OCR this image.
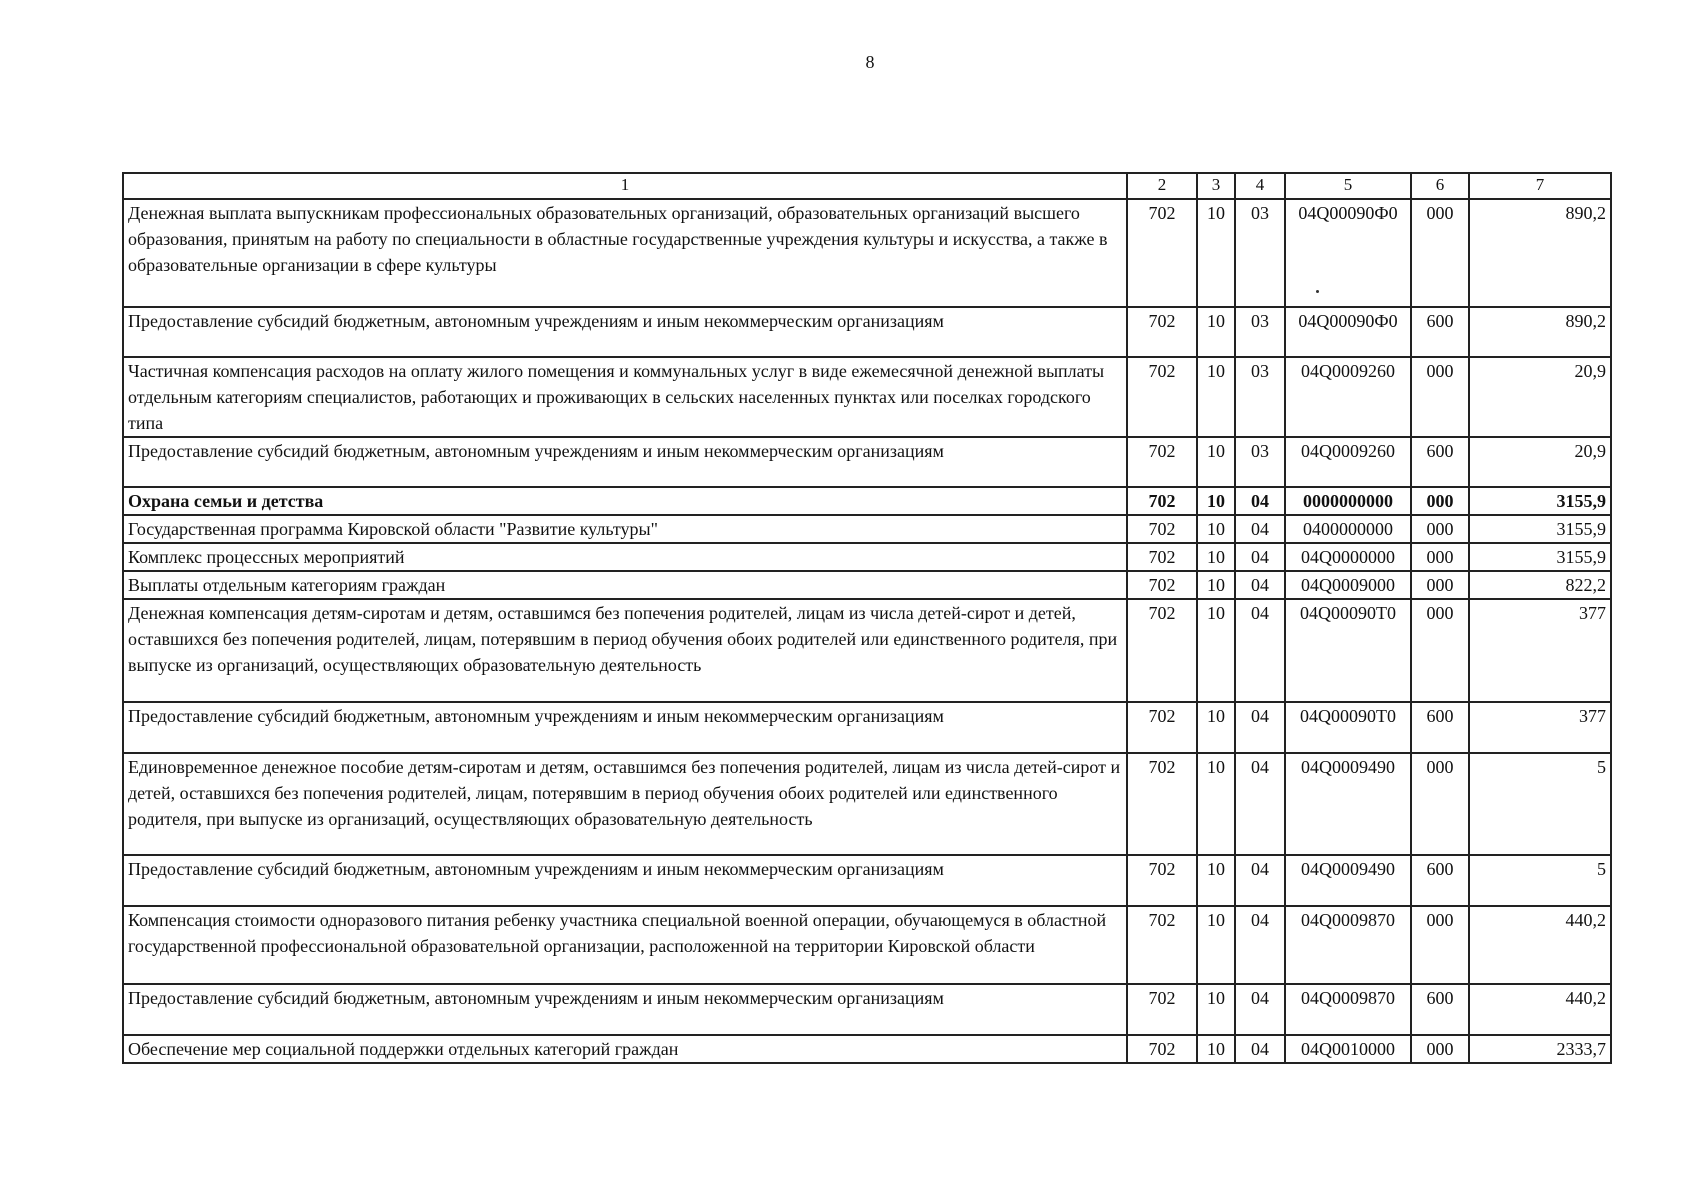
8
1	2	3	4	5	6	7
Денежная выплата выпускникам профессиональных образовательных организаций, образовательных организаций высшего образования, принятым на работу по специальности в областные государственные учреждения культуры и искусства, а также в образовательные организации в сфере культуры	702	10	03	04Q00090Ф0	000	890,2
Предоставление субсидий бюджетным, автономным учреждениям и иным некоммерческим организациям	702	10	03	04Q00090Ф0	600	890,2
Частичная компенсация расходов на оплату жилого помещения и коммунальных услуг в виде ежемесячной денежной выплаты отдельным категориям специалистов, работающих и проживающих в сельских населенных пунктах или поселках городского типа	702	10	03	04Q0009260	000	20,9
Предоставление субсидий бюджетным, автономным учреждениям и иным некоммерческим организациям	702	10	03	04Q0009260	600	20,9
Охрана семьи и детства	702	10	04	0000000000	000	3155,9
Государственная программа Кировской области "Развитие культуры"	702	10	04	0400000000	000	3155,9
Комплекс процессных мероприятий	702	10	04	04Q0000000	000	3155,9
Выплаты отдельным категориям граждан	702	10	04	04Q0009000	000	822,2
Денежная компенсация детям-сиротам и детям, оставшимся без попечения родителей, лицам из числа детей-сирот и детей, оставшихся без попечения родителей, лицам, потерявшим в период обучения обоих родителей или единственного родителя, при выпуске из организаций, осуществляющих образовательную деятельность	702	10	04	04Q00090Т0	000	377
Предоставление субсидий бюджетным, автономным учреждениям и иным некоммерческим организациям	702	10	04	04Q00090Т0	600	377
Единовременное денежное пособие детям-сиротам и детям, оставшимся без попечения родителей, лицам из числа детей-сирот и детей, оставшихся без попечения родителей, лицам, потерявшим в период обучения обоих родителей или единственного родителя, при выпуске из организаций, осуществляющих образовательную деятельность	702	10	04	04Q0009490	000	5
Предоставление субсидий бюджетным, автономным учреждениям и иным некоммерческим организациям	702	10	04	04Q0009490	600	5
Компенсация стоимости одноразового питания ребенку участника специальной военной операции, обучающемуся в областной государственной профессиональной образовательной организации, расположенной на территории Кировской области	702	10	04	04Q0009870	000	440,2
Предоставление субсидий бюджетным, автономным учреждениям и иным некоммерческим организациям	702	10	04	04Q0009870	600	440,2
Обеспечение мер социальной поддержки отдельных категорий граждан	702	10	04	04Q0010000	000	2333,7
